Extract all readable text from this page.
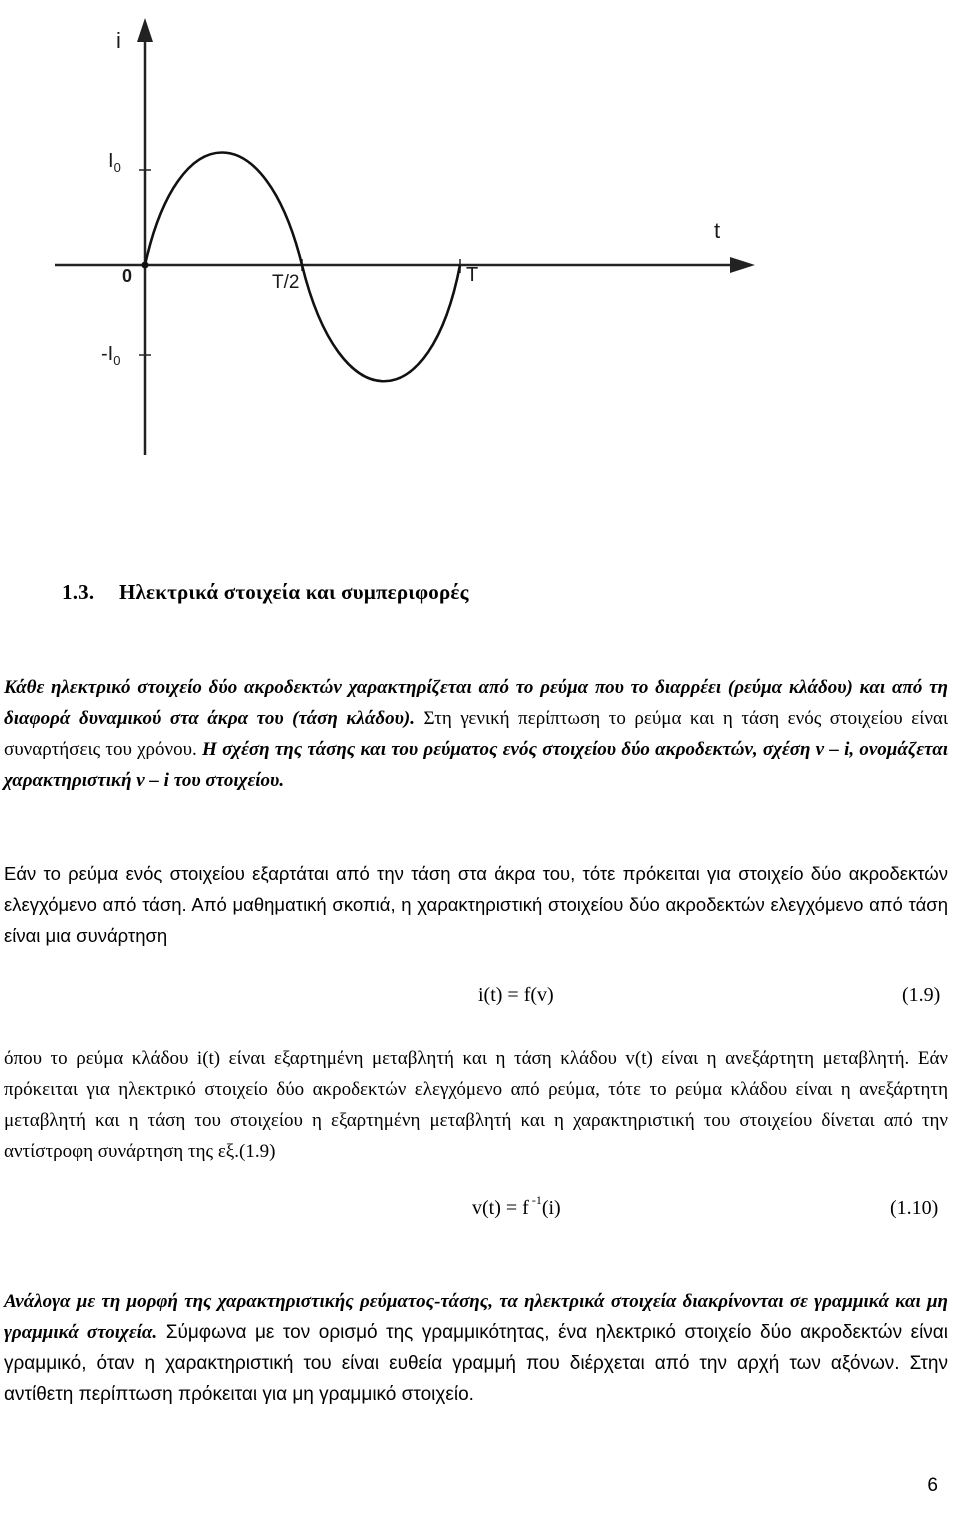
i
t
$I_0$
$-I_0$
0	T/2	T
1.3. Ηλεκτρικά στοιχεία και συμπεριφορές

Κάθε ηλεκτρικό στοιχείο δύο ακροδεκτών χαρακτηρίζεται από το ρεύμα που το διαρρέει (ρεύμα κλάδου) και από τη διαφορά δυναμικού στα άκρα του (τάση κλάδου). Στη γενική περίπτωση το ρεύμα και η τάση ενός στοιχείου είναι συναρτήσεις του χρόνου. Η σχέση της τάσης και του ρεύματος ενός στοιχείου δύο ακροδεκτών, σχέση v – i, ονομάζεται χαρακτηριστική v – i του στοιχείου.

Εάν το ρεύμα ενός στοιχείου εξαρτάται από την τάση στα άκρα του, τότε πρόκειται για στοιχείο δύο ακροδεκτών ελεγχόμενο από τάση. Από μαθηματική σκοπιά, η χαρακτηριστική στοιχείου δύο ακροδεκτών ελεγχόμενο από τάση είναι μια συνάρτηση

i(t) = f(v)	(1.9)

όπου το ρεύμα κλάδου i(t) είναι εξαρτημένη μεταβλητή και η τάση κλάδου v(t) είναι η ανεξάρτητη μεταβλητή. Εάν πρόκειται για ηλεκτρικό στοιχείο δύο ακροδεκτών ελεγχόμενο από ρεύμα, τότε το ρεύμα κλάδου είναι η ανεξάρτητη μεταβλητή και η τάση του στοιχείου η εξαρτημένη μεταβλητή και η χαρακτηριστική του στοιχείου δίνεται από την αντίστροφη συνάρτηση της εξ.(1.9)

v(t) = f $^{-1}$(i)	(1.10)

Ανάλογα με τη μορφή της χαρακτηριστικής ρεύματος-τάσης, τα ηλεκτρικά στοιχεία διακρίνονται σε γραμμικά και μη γραμμικά στοιχεία. Σύμφωνα με τον ορισμό της γραμμικότητας, ένα ηλεκτρικό στοιχείο δύο ακροδεκτών είναι γραμμικό, όταν η χαρακτηριστική του είναι ευθεία γραμμή που διέρχεται από την αρχή των αξόνων. Στην αντίθετη περίπτωση πρόκειται για μη γραμμικό στοιχείο.

6
